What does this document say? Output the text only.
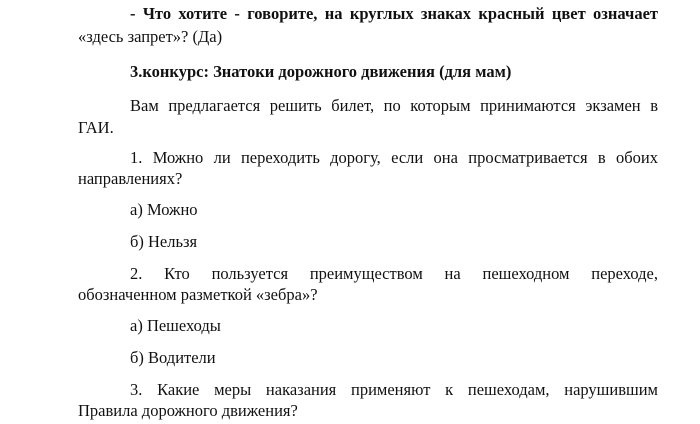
- Что хотите - говорите, на круглых знаках красный цвет означает
«здесь запрет»? (Да)
3.конкурс: Знатоки дорожного движения (для мам)
Вам предлагается решить билет, по которым принимаются экзамен в
ГАИ.
1. Можно ли переходить дорогу, если она просматривается в обоих
направлениях?
а) Можно
б) Нельзя
2. Кто пользуется преимуществом на пешеходном переходе,
обозначенном разметкой «зебра»?
а) Пешеходы
б) Водители
3. Какие меры наказания применяют к пешеходам, нарушившим
Правила дорожного движения?
